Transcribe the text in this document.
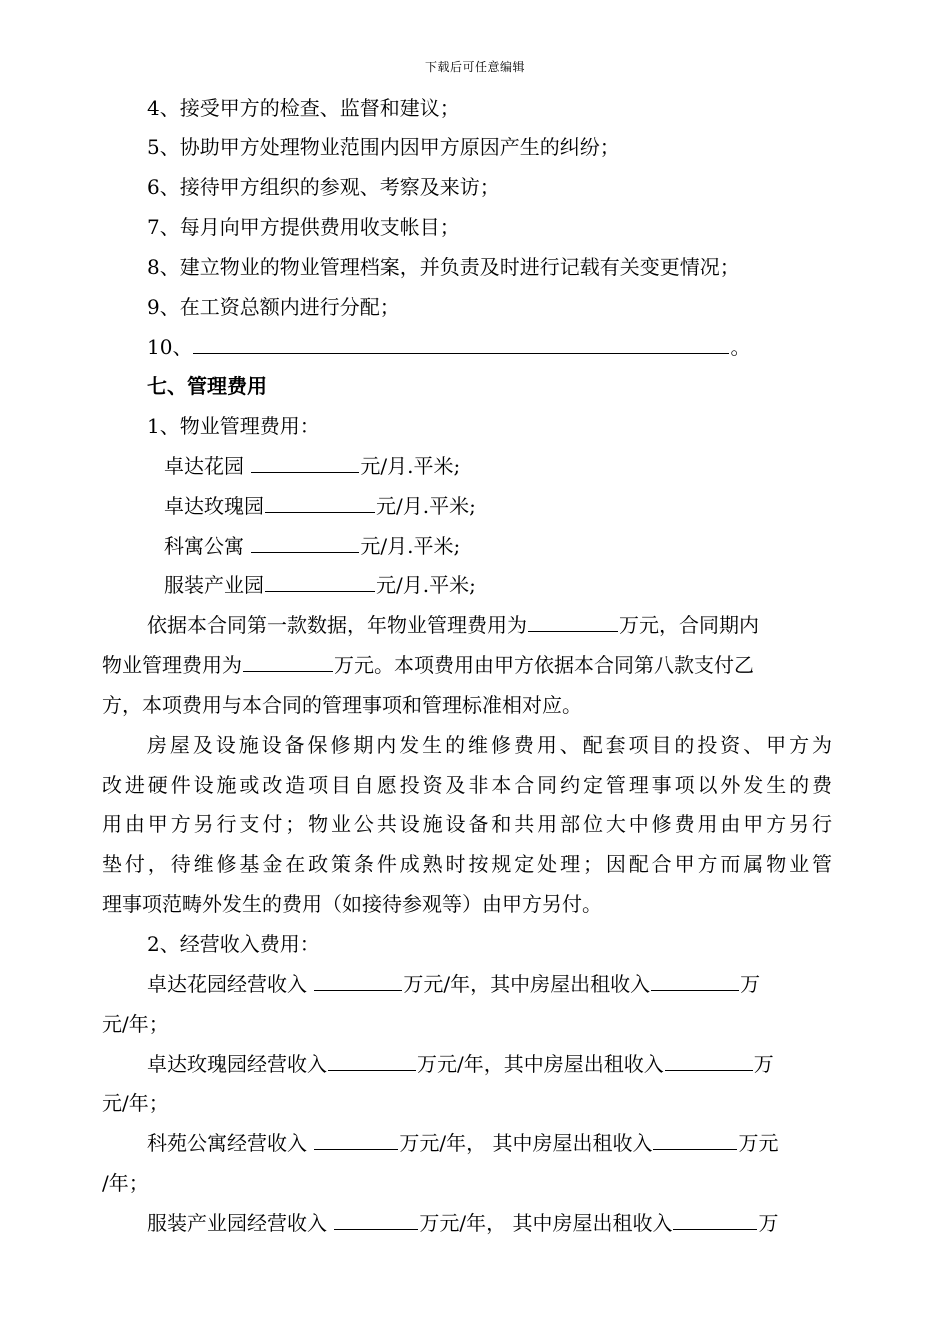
下载后可任意编辑
4、接受甲方的检查、监督和建议；
5、协助甲方处理物业范围内因甲方原因产生的纠纷；
6、接待甲方组织的参观、考察及来访；
7、每月向甲方提供费用收支帐目；
8、建立物业的物业管理档案，并负责及时进行记载有关变更情况；
9、在工资总额内进行分配；
10、	。
七、管理费用
1、物业管理费用：
卓达花园	元/月.平米;
卓达玫瑰园	元/月.平米;
科寓公寓	元/月.平米;
服装产业园	元/月.平米;
依据本合同第一款数据，年物业管理费用为	万元，合同期内
物业管理费用为	万元。本项费用由甲方依据本合同第八款支付乙
方，本项费用与本合同的管理事项和管理标准相对应。
房屋及设施设备保修期内发生的维修费用、配套项目的投资、甲方为
改进硬件设施或改造项目自愿投资及非本合同约定管理事项以外发生的费
用由甲方另行支付；物业公共设施设备和共用部位大中修费用由甲方另行
垫付，待维修基金在政策条件成熟时按规定处理；因配合甲方而属物业管
理事项范畴外发生的费用（如接待参观等）由甲方另付。
2、经营收入费用：
卓达花园经营收入	万元/年，其中房屋出租收入	万
元/年；
卓达玫瑰园经营收入	万元/年，其中房屋出租收入	万
元/年；
科苑公寓经营收入	万元/年， 其中房屋出租收入	万元
/年；
服装产业园经营收入	万元/年， 其中房屋出租收入	万
